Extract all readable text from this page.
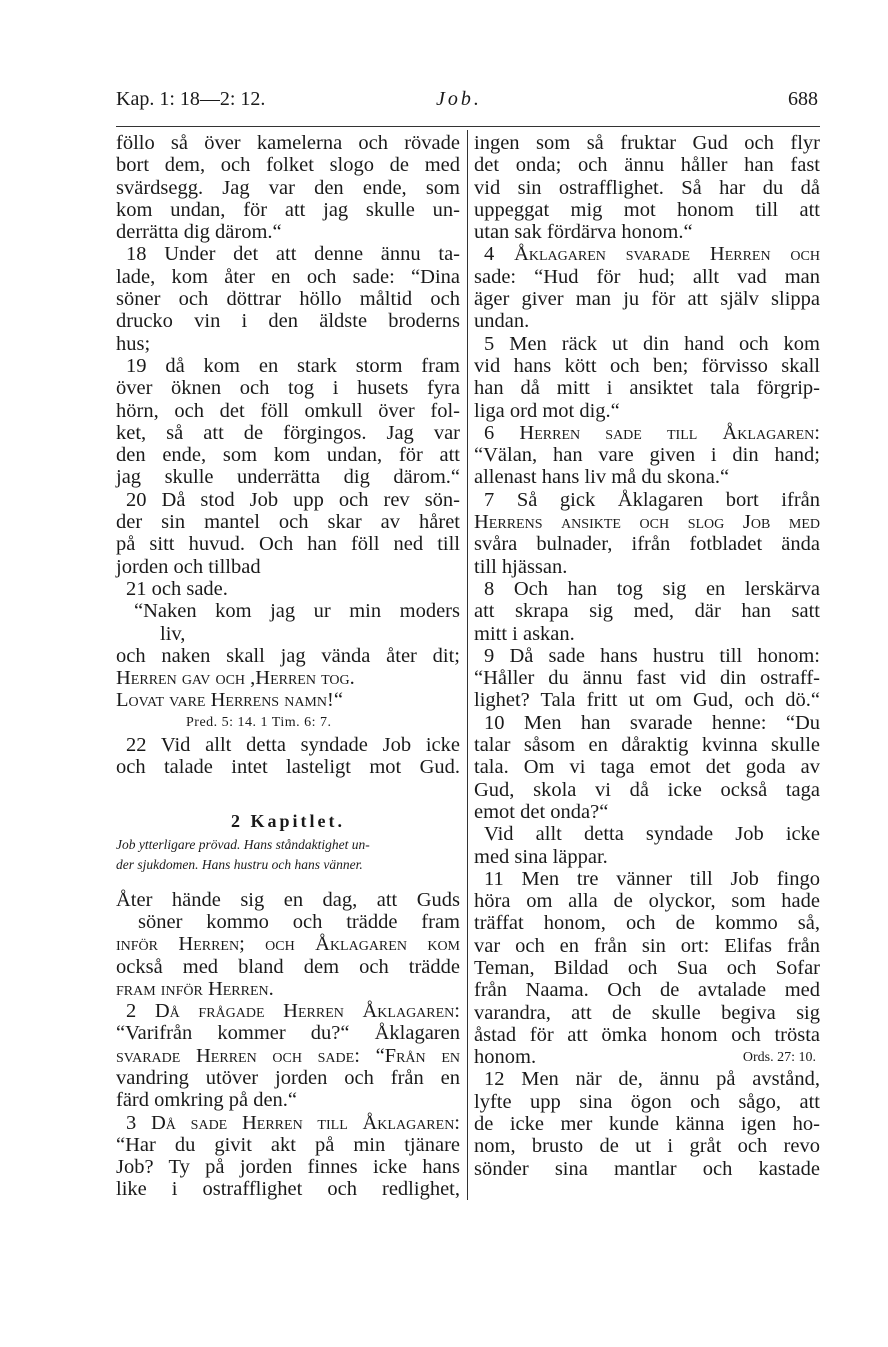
Kap. 1: 18—2: 12.	Job.	688
föllo så över kamelerna och rövade
bort dem, och folket slogo de med
svärdsegg. Jag var den ende, som
kom undan, för att jag skulle un-
derrätta dig därom.“
18 Under det att denne ännu ta-
lade, kom åter en och sade: “Dina
söner och döttrar höllo måltid och
drucko vin i den äldste broderns
hus;
19 då kom en stark storm fram
över öknen och tog i husets fyra
hörn, och det föll omkull över fol-
ket, så att de förgingos. Jag var
den ende, som kom undan, för att
jag skulle underrätta dig därom.“
20 Då stod Job upp och rev sön-
der sin mantel och skar av håret
på sitt huvud. Och han föll ned till
jorden och tillbad
21 och sade.
“Naken kom jag ur min moders
liv,
och naken skall jag vända åter dit;
Herren gav och ,Herren tog.
Lovat vare Herrens namn!“
Pred. 5: 14. 1 Tim. 6: 7.
22 Vid allt detta syndade Job icke
och talade intet lasteligt mot Gud.
2 Kapitlet.
Job ytterligare prövad. Hans ståndaktighet un-
der sjukdomen. Hans hustru och hans vänner.
Åter hände sig en dag, att Guds
söner kommo och trädde fram
inför Herren; och Åklagaren kom
också med bland dem och trädde
fram inför Herren.
2 Då frågade Herren Åklagaren:
“Varifrån kommer du?“ Åklagaren
svarade Herren och sade: “Från en
vandring utöver jorden och från en
färd omkring på den.“
3 Då sade Herren till Åklagaren:
“Har du givit akt på min tjänare
Job? Ty på jorden finnes icke hans
like i ostrafflighet och redlighet,
ingen som så fruktar Gud och flyr
det onda; och ännu håller han fast
vid sin ostrafflighet. Så har du då
uppeggat mig mot honom till att
utan sak fördärva honom.“
4 Åklagaren svarade Herren och
sade: “Hud för hud; allt vad man
äger giver man ju för att själv slippa
undan.
5 Men räck ut din hand och kom
vid hans kött och ben; förvisso skall
han då mitt i ansiktet tala förgrip-
liga ord mot dig.“
6 Herren sade till Åklagaren:
“Välan, han vare given i din hand;
allenast hans liv må du skona.“
7 Så gick Åklagaren bort ifrån
Herrens ansikte och slog Job med
svåra bulnader, ifrån fotbladet ända
till hjässan.
8 Och han tog sig en lerskärva
att skrapa sig med, där han satt
mitt i askan.
9 Då sade hans hustru till honom:
“Håller du ännu fast vid din ostraff-
lighet? Tala fritt ut om Gud, och dö.“
10 Men han svarade henne: “Du
talar såsom en dåraktig kvinna skulle
tala. Om vi taga emot det goda av
Gud, skola vi då icke också taga
emot det onda?“
Vid allt detta syndade Job icke
med sina läppar.
11 Men tre vänner till Job fingo
höra om alla de olyckor, som hade
träffat honom, och de kommo så,
var och en från sin ort: Elifas från
Teman, Bildad och Sua och Sofar
från Naama. Och de avtalade med
varandra, att de skulle begiva sig
åstad för att ömka honom och trösta
honom.	Ords. 27: 10.
12 Men när de, ännu på avstånd,
lyfte upp sina ögon och sågo, att
de icke mer kunde känna igen ho-
nom, brusto de ut i gråt och revo
sönder sina mantlar och kastade
